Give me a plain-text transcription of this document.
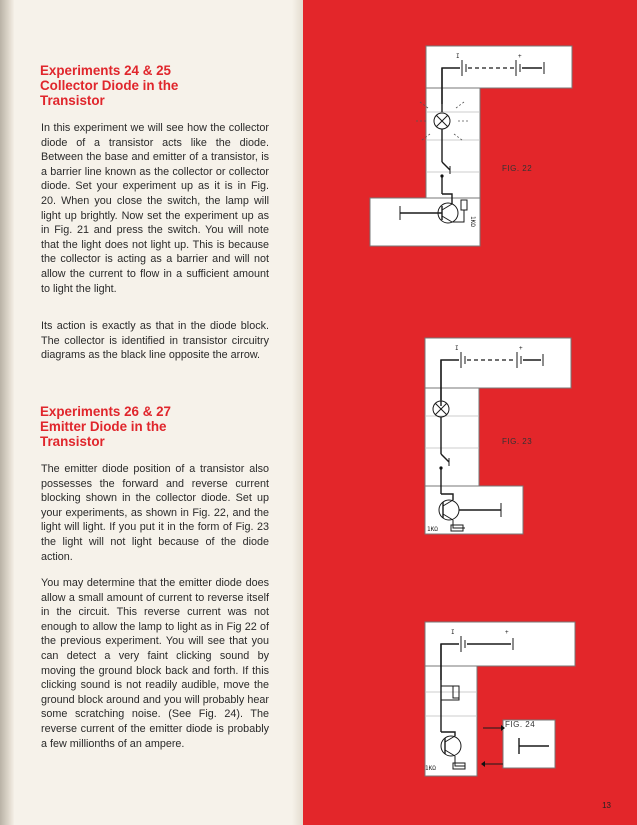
Experiments 24 & 25
Collector Diode in the
Transistor

In this experiment we will see how the collector diode of a transistor acts like the diode. Between the base and emitter of a transistor, is a barrier line known as the collector or collector diode. Set your experiment up as it is in Fig. 20. When you close the switch, the lamp will light up brightly. Now set the experiment up as in Fig. 21 and press the switch. You will note that the light does not light up. This is because the collector is acting as a barrier and will not allow the current to flow in a sufficient amount to light the light.

Its action is exactly as that in the diode block. The collector is identified in transistor circuitry diagrams as the black line opposite the arrow.

Experiments 26 & 27
Emitter Diode in the
Transistor

The emitter diode position of a transistor also possesses the forward and reverse current blocking shown in the collector diode. Set up your experiments, as shown in Fig. 22, and the light will light. If you put it in the form of Fig. 23 the light will not light because of the diode action.

You may determine that the emitter diode does allow a small amount of current to reverse itself in the circuit. This reverse current was not enough to allow the lamp to light as in Fig 22 of the previous experiment. You will see that you can detect a very faint clicking sound by moving the ground block back and forth. If this clicking sound is not readily audible, move the ground block around and you will probably hear some scratching noise. (See Fig. 24). The reverse current of the emitter diode is probably a few millionths of an ampere.

I	+
1KΩ
FIG. 22
I	+
1KΩ
FIG. 23
I	+
1KΩ
FIG. 24
13
